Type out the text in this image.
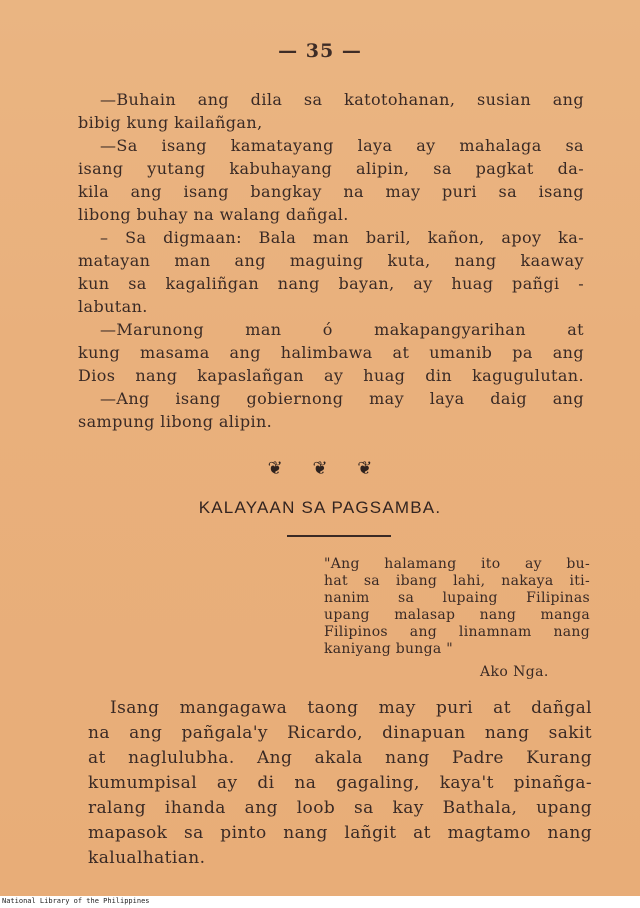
— 35 —
—Buhain ang dila sa katotohanan, susian ang
bibig kung kailañgan,
—Sa isang kamatayang laya ay mahalaga sa
isang yutang kabuhayang alipin, sa pagkat da-
kila ang isang bangkay na may puri sa isang
libong buhay na walang dañgal.
– Sa digmaan: Bala man baril, kañon, apoy ka-
matayan man ang maguing kuta, nang kaaway
kun sa kagaliñgan nang bayan, ay huag pañgi -
labutan.
—Marunong man ó makapangyarihan at
kung masama ang halimbawa at umanib pa ang
Dios nang kapaslañgan ay huag din kagugulutan.
—Ang isang gobiernong may laya daig ang
sampung libong alipin.
❦ ❦ ❦
KALAYAAN SA PAGSAMBA.
"Ang halamang ito ay bu-
hat sa ibang lahi, nakaya iti-
nanim sa lupaing Filipinas
upang malasap nang manga
Filipinos ang linamnam nang
kaniyang bunga "
Ako Nga.
Isang mangagawa taong may puri at dañgal
na ang pañgala'y Ricardo, dinapuan nang sakit
at naglulubha. Ang akala nang Padre Kurang
kumumpisal ay di na gagaling, kaya't pinañga-
ralang ihanda ang loob sa kay Bathala, upang
mapasok sa pinto nang lañgit at magtamo nang
kalualhatian.
National Library of the Philippines
